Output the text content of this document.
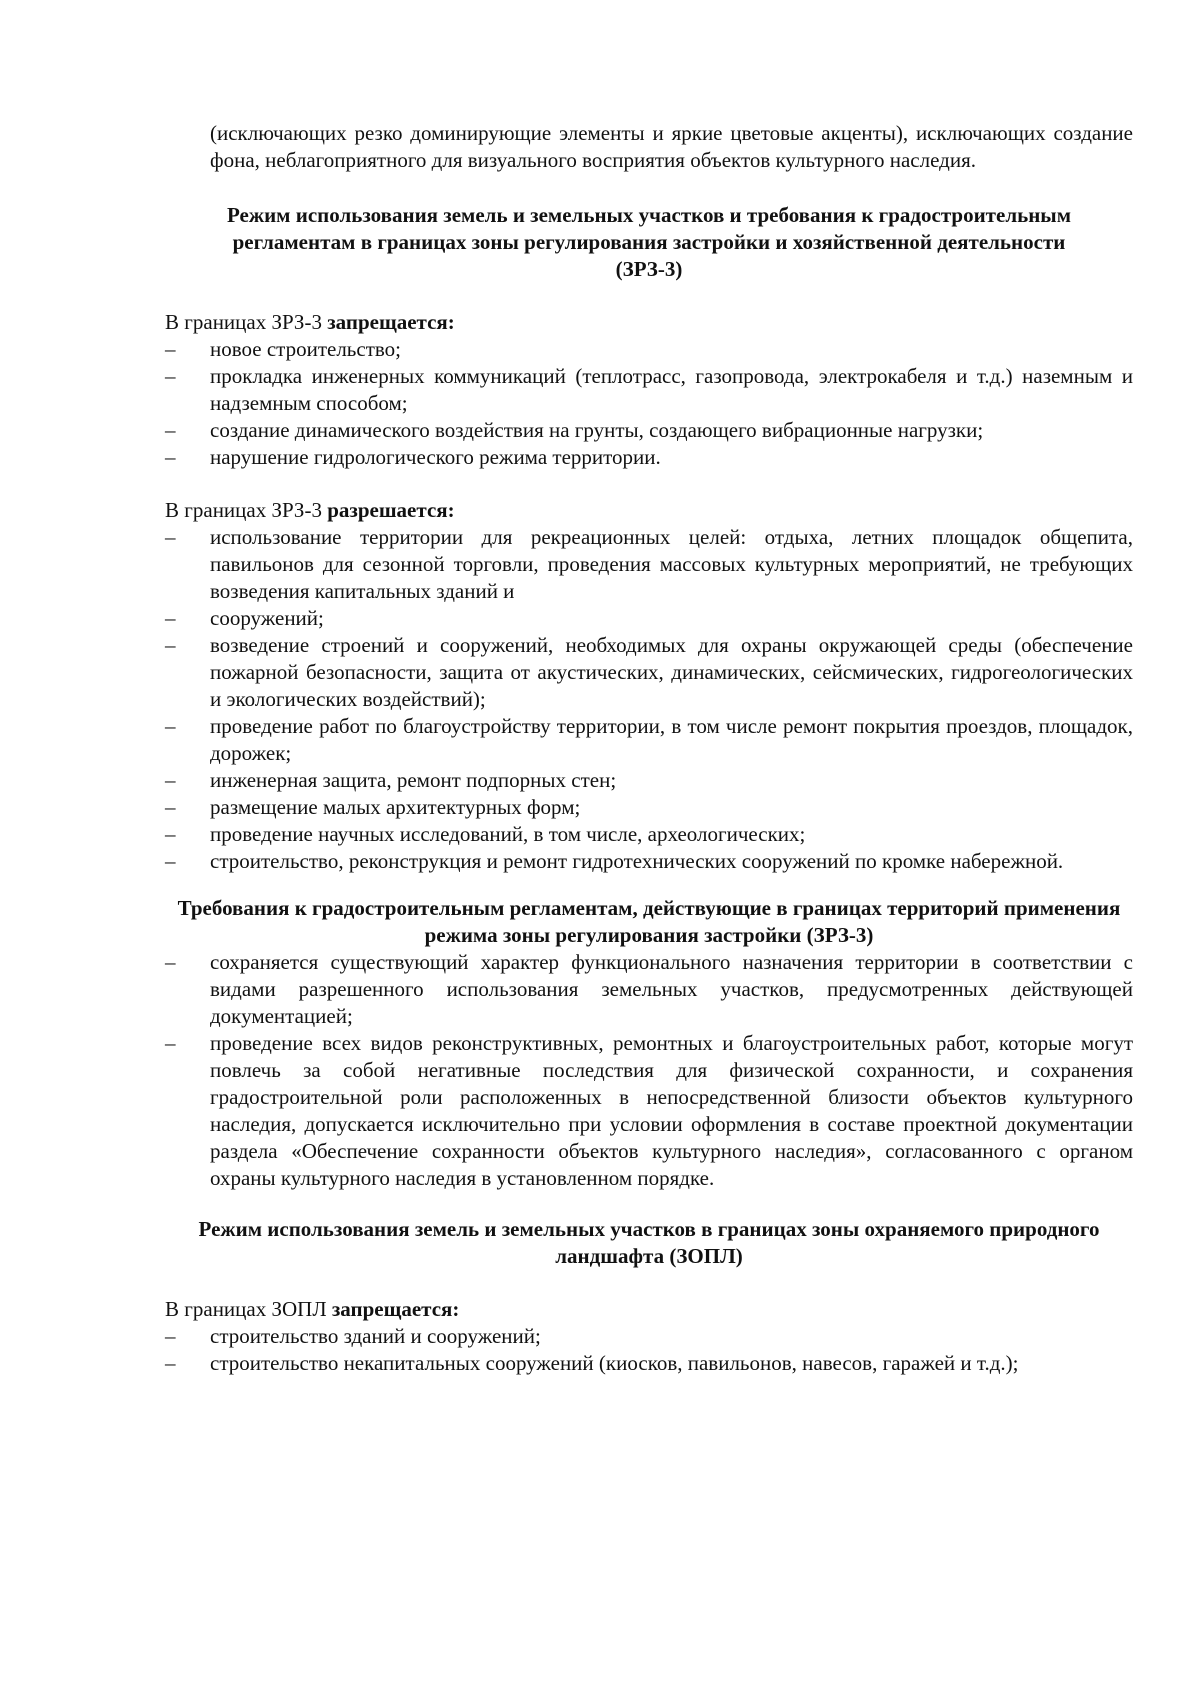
(исключающих резко доминирующие элементы и яркие цветовые акценты), исключающих создание фона, неблагоприятного для визуального восприятия объектов культурного наследия.

Режим использования земель и земельных участков и требования к градостроительным регламентам в границах зоны регулирования застройки и хозяйственной деятельности (ЗРЗ-3)

В границах ЗРЗ-3 запрещается:

– новое строительство;
– прокладка инженерных коммуникаций (теплотрасс, газопровода, электрокабеля и т.д.) наземным и надземным способом;
– создание динамического воздействия на грунты, создающего вибрационные нагрузки;
– нарушение гидрологического режима территории.

В границах ЗРЗ-3 разрешается:

– использование территории для рекреационных целей: отдыха, летних площадок общепита, павильонов для сезонной торговли, проведения массовых культурных мероприятий, не требующих возведения капитальных зданий и
– сооружений;
– возведение строений и сооружений, необходимых для охраны окружающей среды (обеспечение пожарной безопасности, защита от акустических, динамических, сейсмических, гидрогеологических и экологических воздействий);
– проведение работ по благоустройству территории, в том числе ремонт покрытия проездов, площадок, дорожек;
– инженерная защита, ремонт подпорных стен;
– размещение малых архитектурных форм;
– проведение научных исследований, в том числе, археологических;
– строительство, реконструкция и ремонт гидротехнических сооружений по кромке набережной.

Требования к градостроительным регламентам, действующие в границах территорий применения режима зоны регулирования застройки (ЗРЗ-3)

– сохраняется существующий характер функционального назначения территории в соответствии с видами разрешенного использования земельных участков, предусмотренных действующей документацией;
– проведение всех видов реконструктивных, ремонтных и благоустроительных работ, которые могут повлечь за собой негативные последствия для физической сохранности, и сохранения градостроительной роли расположенных в непосредственной близости объектов культурного наследия, допускается исключительно при условии оформления в составе проектной документации раздела «Обеспечение сохранности объектов культурного наследия», согласованного с органом охраны культурного наследия в установленном порядке.

Режим использования земель и земельных участков в границах зоны охраняемого природного ландшафта (ЗОПЛ)

В границах ЗОПЛ запрещается:

– строительство зданий и сооружений;
– строительство некапитальных сооружений (киосков, павильонов, навесов, гаражей и т.д.);
